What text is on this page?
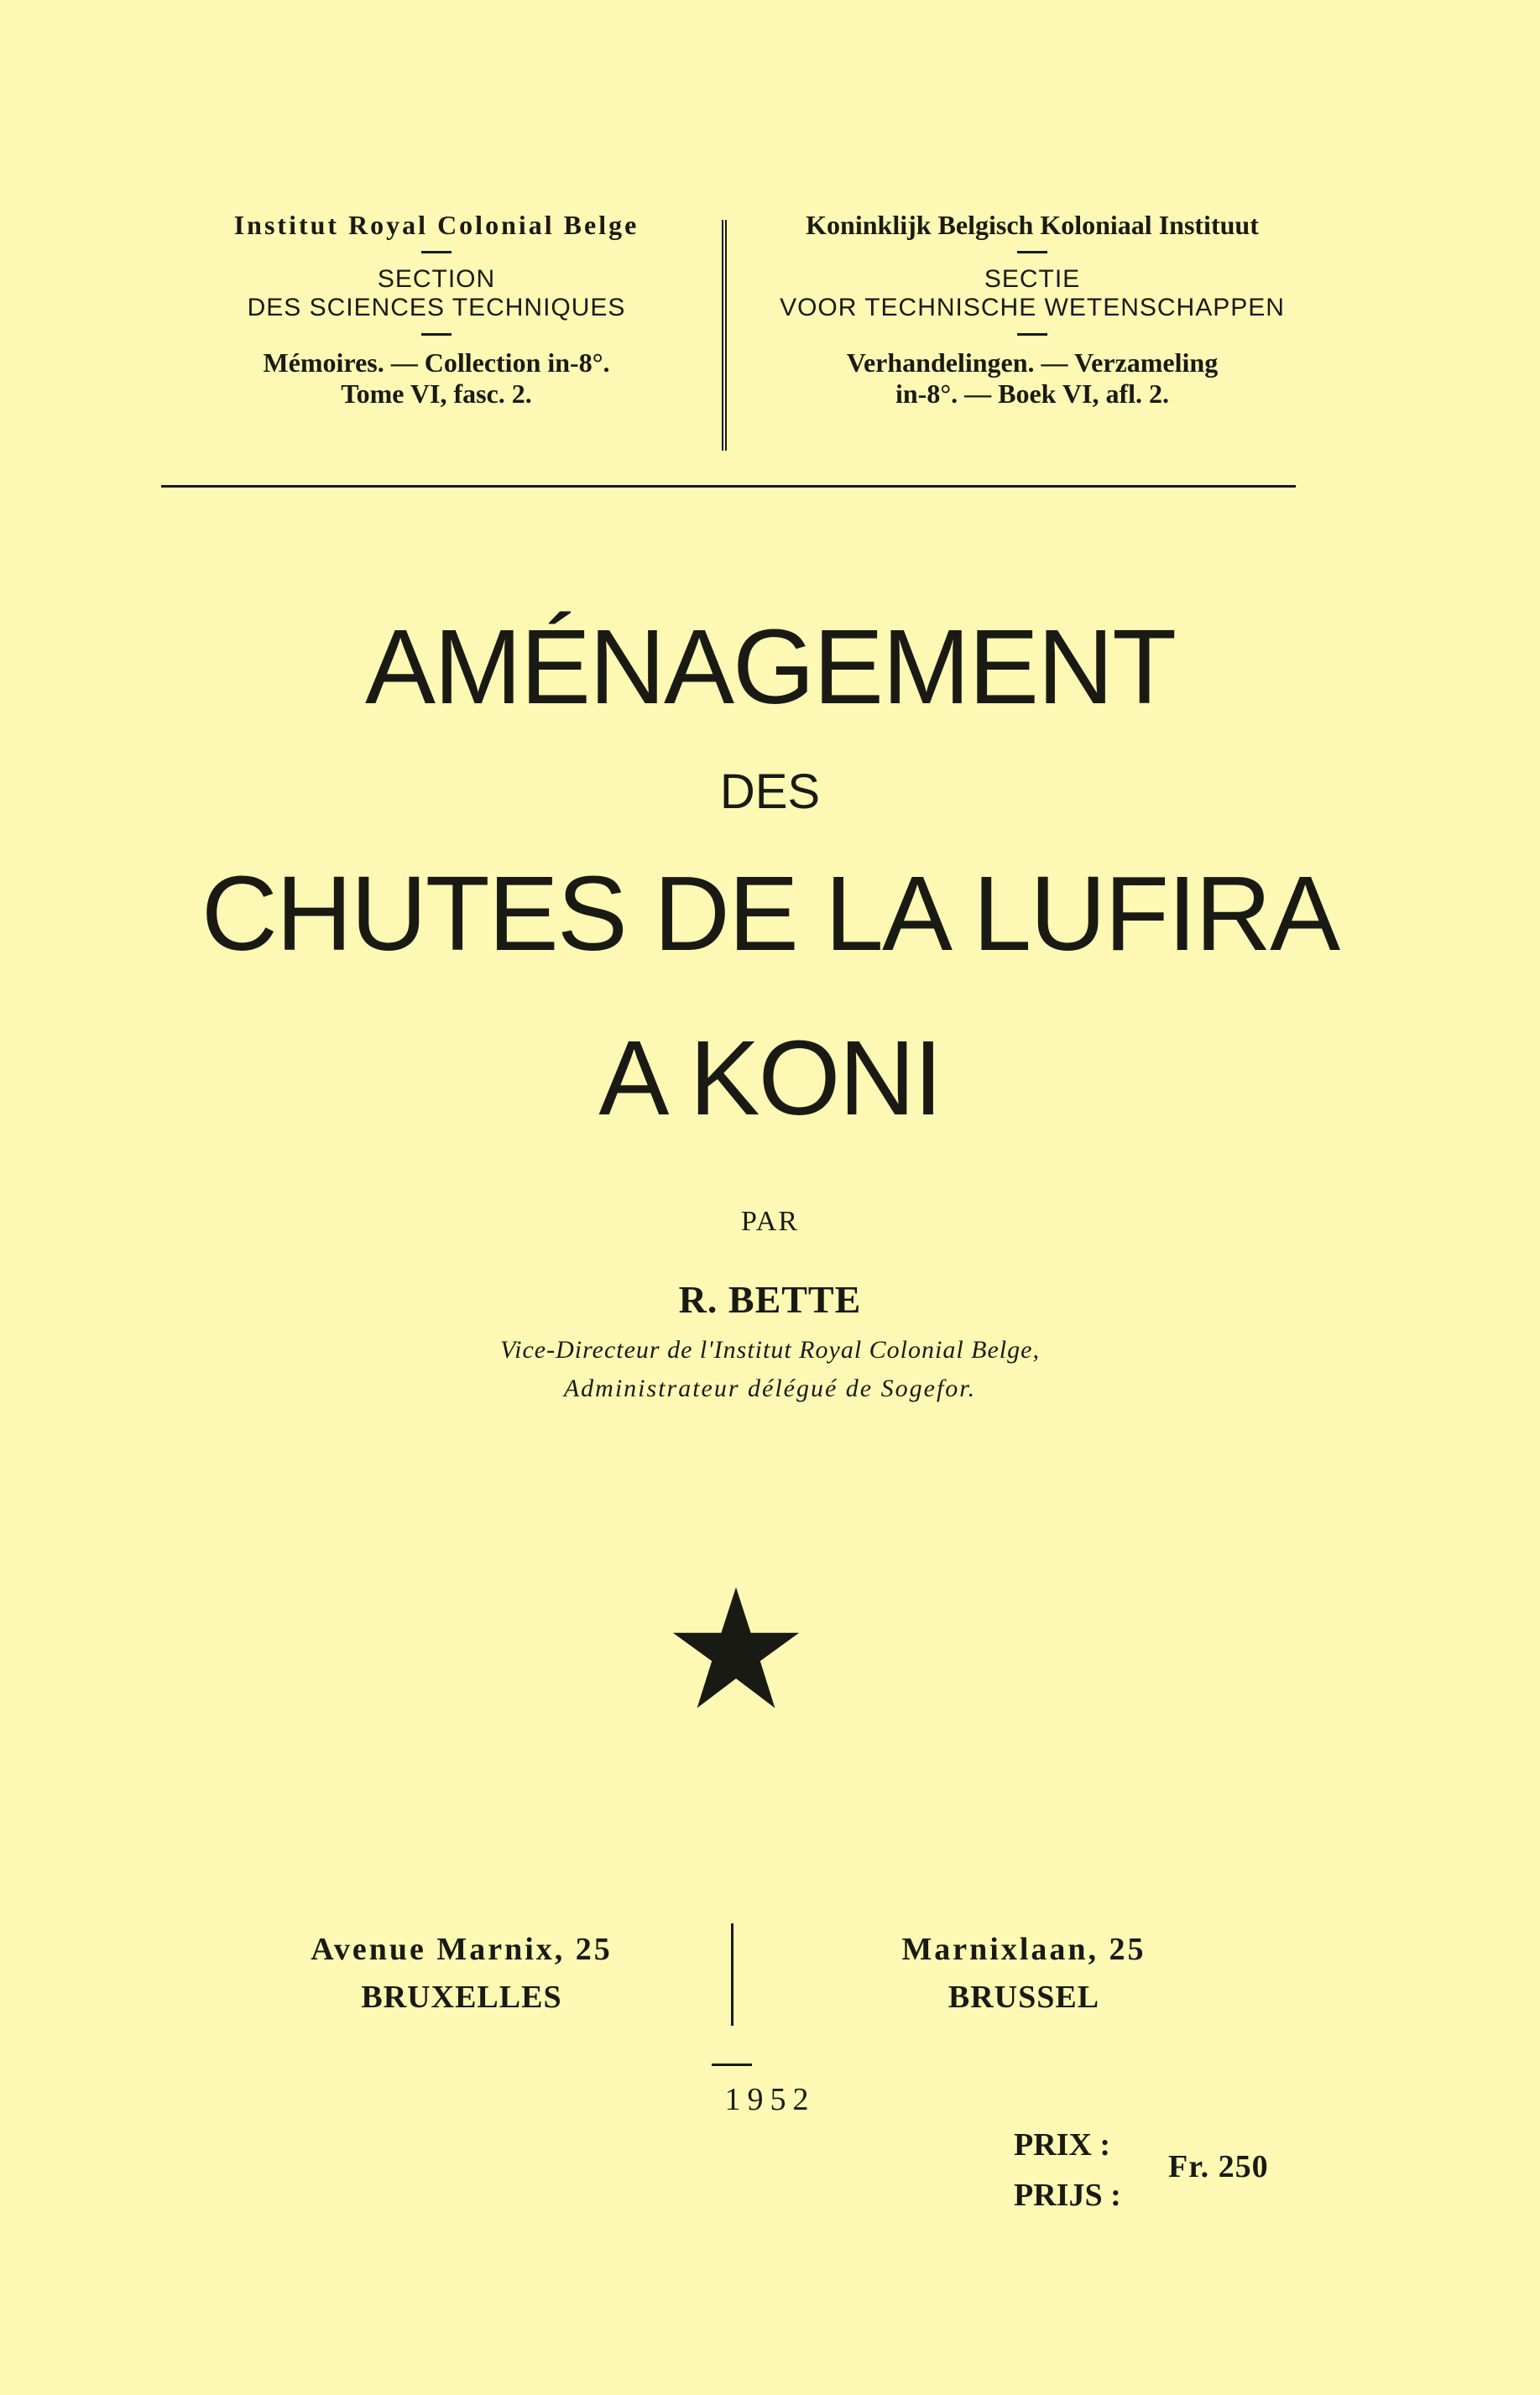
Institut Royal Colonial Belge
SECTION
DES SCIENCES TECHNIQUES
Mémoires. — Collection in-8°.
Tome VI, fasc. 2.
Koninklijk Belgisch Koloniaal Instituut
SECTIE
VOOR TECHNISCHE WETENSCHAPPEN
Verhandelingen. — Verzameling
in-8°. — Boek VI, afl. 2.
AMÉNAGEMENT
DES
CHUTES DE LA LUFIRA
A KONI
PAR
R. BETTE
Vice-Directeur de l'Institut Royal Colonial Belge,
Administrateur délégué de Sogefor.
Avenue Marnix, 25
BRUXELLES
Marnixlaan, 25
BRUSSEL
1952
PRIX :
PRIJS :
Fr. 250
